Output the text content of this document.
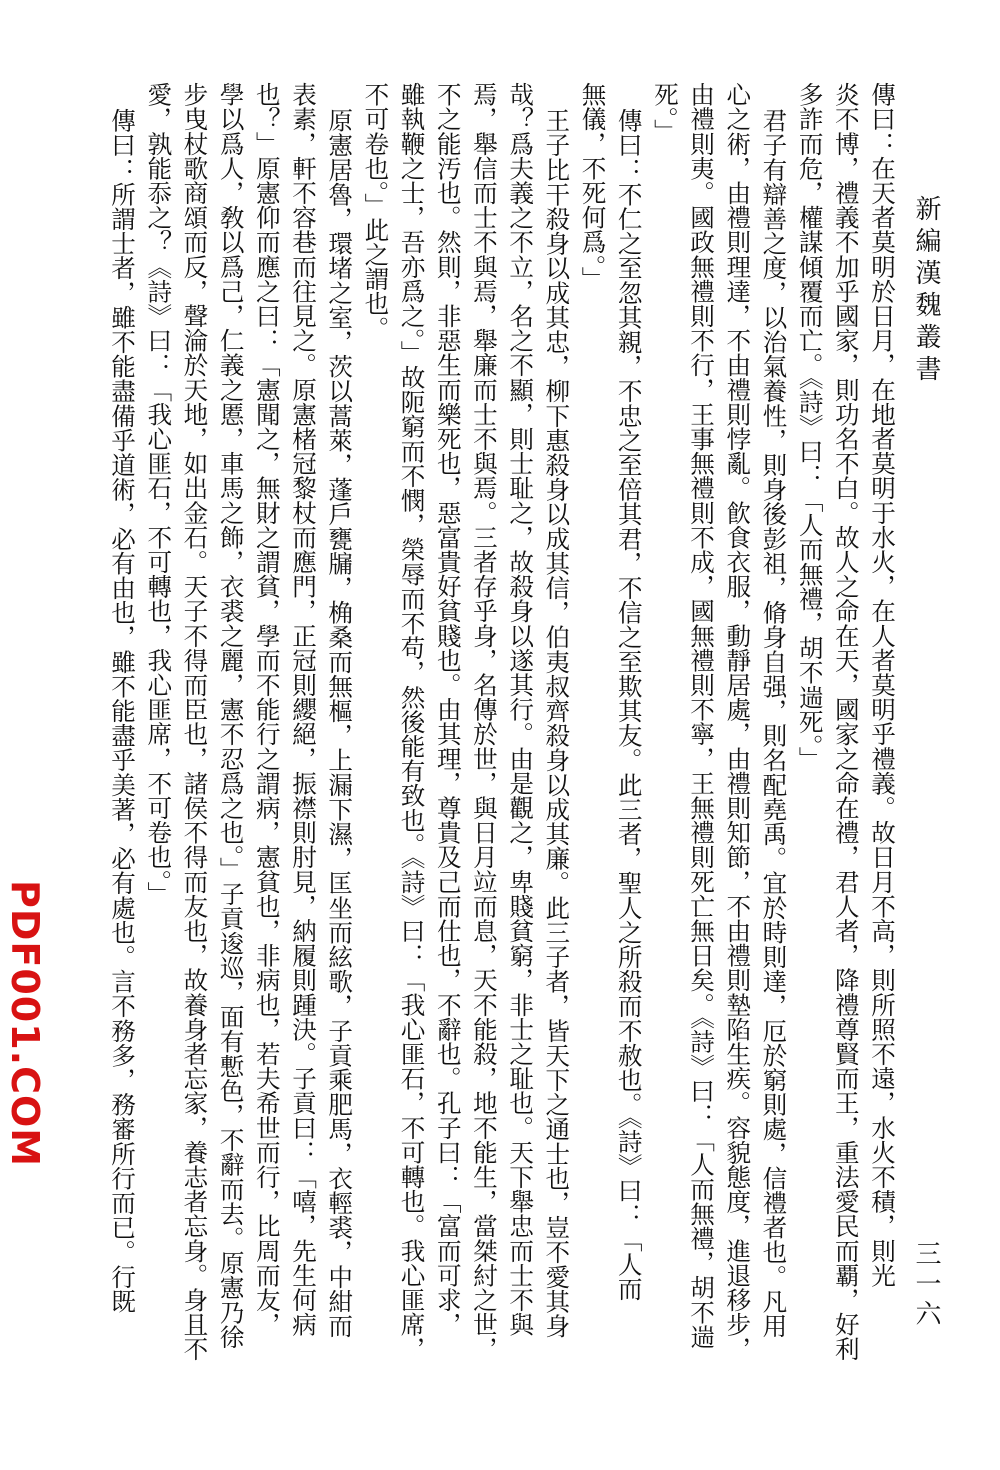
新編漢魏叢書
三一六
PDF001.COM	傳曰：在天者莫明於日月，在地者莫明于水火，在人者莫明乎禮義。故日月不高，則所照不遠，水火不積，則光
炎不博，禮義不加乎國家，則功名不白。故人之命在天，國家之命在禮，君人者，降禮尊賢而王，重法愛民而覇，好利
多詐而危，權謀傾覆而亡。《詩》曰：「人而無禮，胡不遄死。」
君子有辯善之度，以治氣養性，則身後彭祖，脩身自强，則名配堯禹。宜於時則達，厄於窮則處，信禮者也。凡用
心之術，由禮則理達，不由禮則悖亂。飮食衣服，動靜居處，由禮則知節，不由禮則墊陷生疾。容貌態度，進退移步，
由禮則夷。國政無禮則不行，王事無禮則不成，國無禮則不寧，王無禮則死亡無日矣。《詩》曰：「人而無禮，胡不遄
死。」
傳曰：不仁之至忽其親，不忠之至倍其君，不信之至欺其友。此三者，聖人之所殺而不赦也。《詩》曰：「人而
無儀，不死何爲。」
王子比干殺身以成其忠，柳下惠殺身以成其信，伯夷叔齊殺身以成其廉。此三子者，皆天下之通士也，豈不愛其身
哉？爲夫義之不立，名之不顯，則士耻之，故殺身以遂其行。由是觀之，卑賤貧窮，非士之耻也。天下舉忠而士不與
焉，舉信而士不與焉，舉廉而士不與焉。三者存乎身，名傳於世，與日月竝而息，天不能殺，地不能生，當桀紂之世，
不之能汚也。然則，非惡生而樂死也，惡富貴好貧賤也。由其理，尊貴及己而仕也，不辭也。孔子曰：「富而可求，
雖執鞭之士，吾亦爲之。」故阨窮而不憫，榮辱而不苟，然後能有致也。《詩》曰：「我心匪石，不可轉也。我心匪席，
不可卷也。」此之謂也。
原憲居魯，環堵之室，茨以蒿萊，蓬戶甕牖，桷桑而無樞，上漏下濕，匡坐而絃歌，子貢乘肥馬，衣輕裘，中紺而
表素，軒不容巷而往見之。原憲楮冠黎杖而應門，正冠則纓絕，振襟則肘見，納履則踵決。子貢曰：「嘻，先生何病
也？」原憲仰而應之曰：「憲聞之，無財之謂貧，學而不能行之謂病，憲貧也，非病也，若夫希世而行，比周而友，
學以爲人，敎以爲己，仁義之慝，車馬之飾，衣裘之麗，憲不忍爲之也。」子貢逡巡，面有慙色，不辭而去。原憲乃徐
步曳杖歌商頌而反，聲淪於天地，如出金石。天子不得而臣也，諸侯不得而友也，故養身者忘家，養志者忘身。身且不
愛，孰能忝之？《詩》曰：「我心匪石，不可轉也，我心匪席，不可卷也。」
傳曰：所謂士者，雖不能盡備乎道術，必有由也，雖不能盡乎美著，必有處也。言不務多，務審所行而已。行既
